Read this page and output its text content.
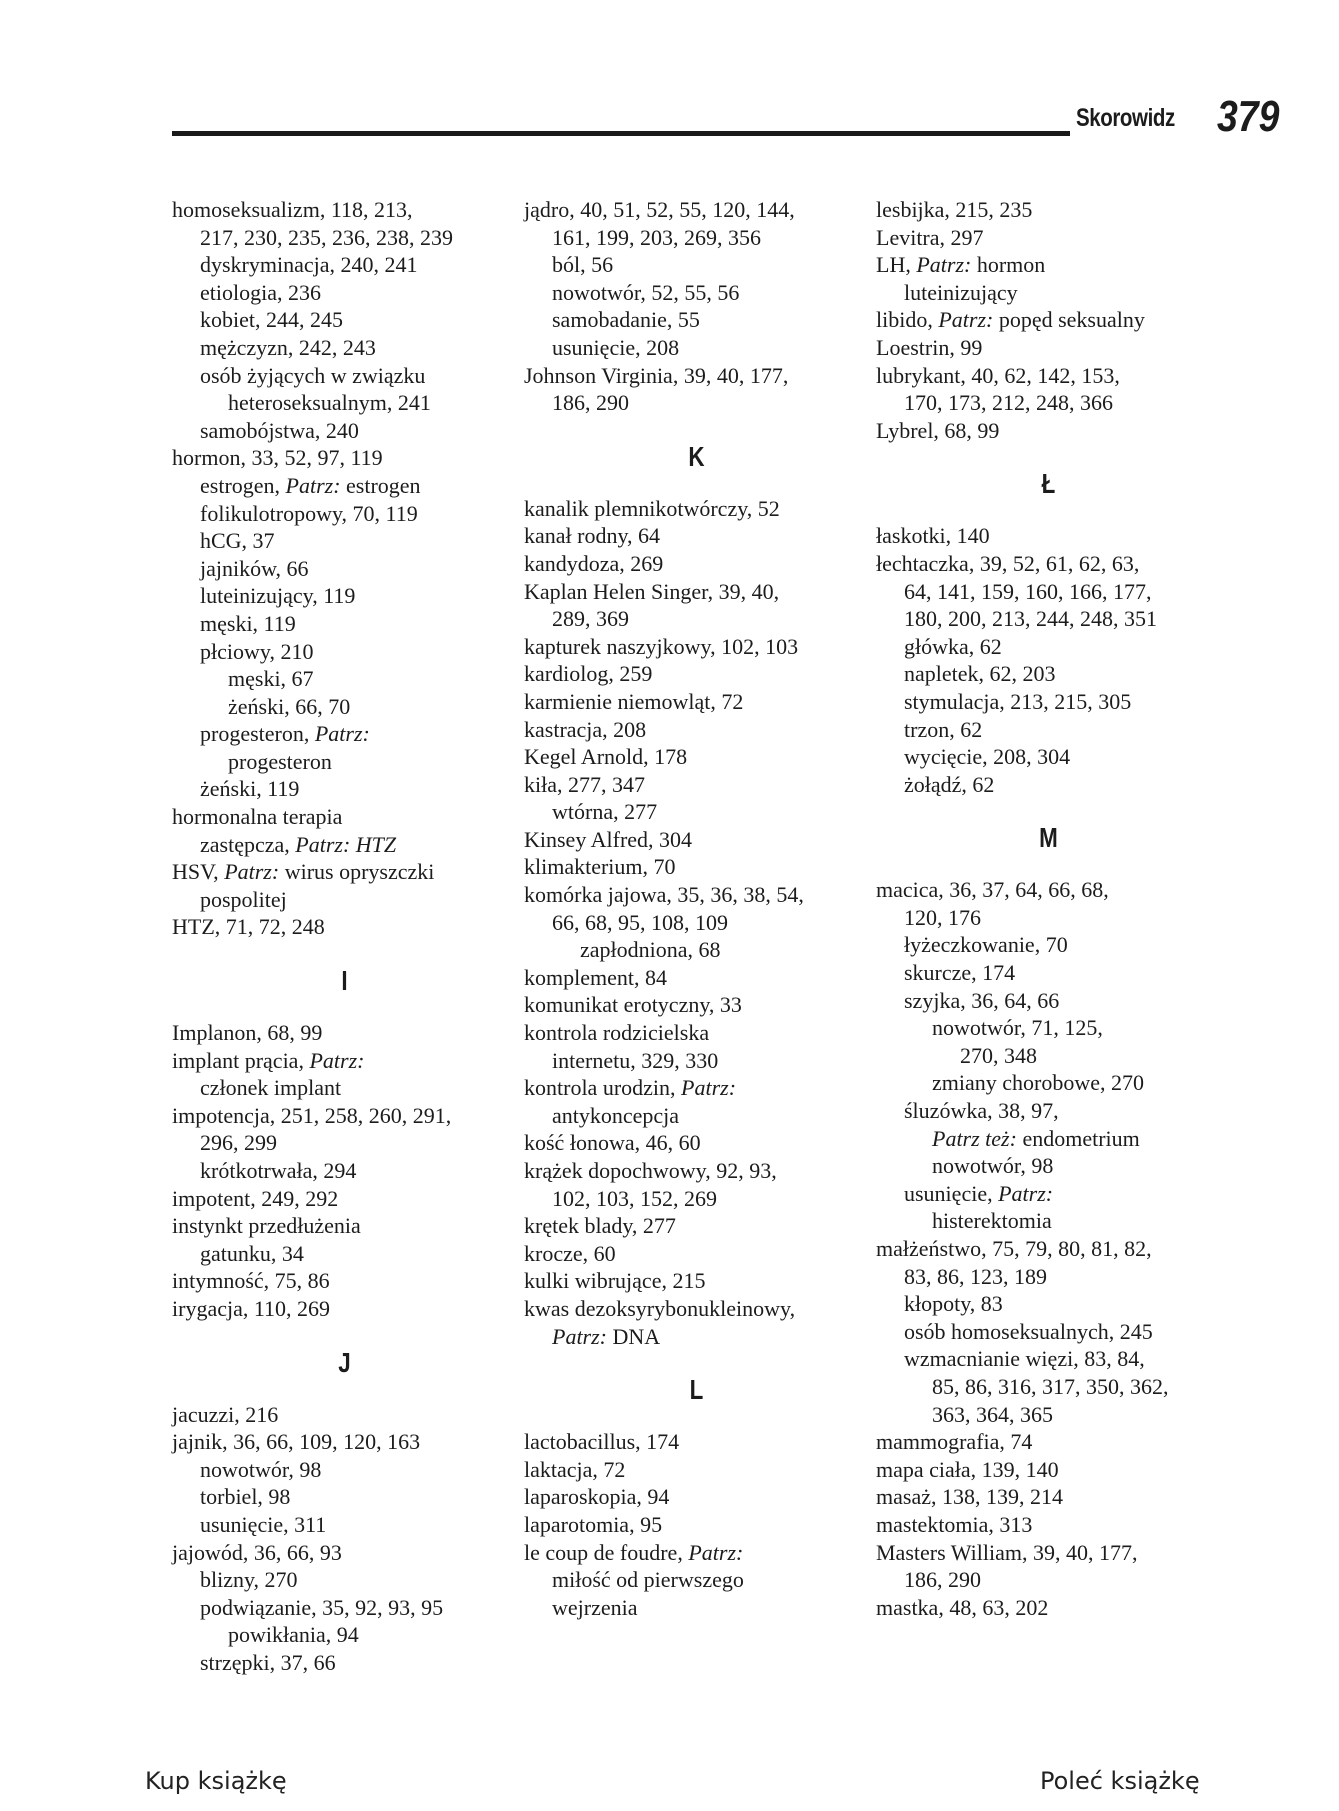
Skorowidz 379
homoseksualizm, 118, 213,
217, 230, 235, 236, 238, 239
dyskryminacja, 240, 241
etiologia, 236
kobiet, 244, 245
mężczyzn, 242, 243
osób żyjących w związku
heteroseksualnym, 241
samobójstwa, 240
hormon, 33, 52, 97, 119
estrogen, Patrz: estrogen
folikulotropowy, 70, 119
hCG, 37
jajników, 66
luteinizujący, 119
męski, 119
płciowy, 210
męski, 67
żeński, 66, 70
progesteron, Patrz:
progesteron
żeński, 119
hormonalna terapia
zastępcza, Patrz: HTZ
HSV, Patrz: wirus opryszczki
pospolitej
HTZ, 71, 72, 248
I
Implanon, 68, 99
implant prącia, Patrz:
członek implant
impotencja, 251, 258, 260, 291,
296, 299
krótkotrwała, 294
impotent, 249, 292
instynkt przedłużenia
gatunku, 34
intymność, 75, 86
irygacja, 110, 269
J
jacuzzi, 216
jajnik, 36, 66, 109, 120, 163
nowotwór, 98
torbiel, 98
usunięcie, 311
jajowód, 36, 66, 93
blizny, 270
podwiązanie, 35, 92, 93, 95
powikłania, 94
strzępki, 37, 66
jądro, 40, 51, 52, 55, 120, 144,
161, 199, 203, 269, 356
ból, 56
nowotwór, 52, 55, 56
samobadanie, 55
usunięcie, 208
Johnson Virginia, 39, 40, 177,
186, 290
K
kanalik plemnikotwórczy, 52
kanał rodny, 64
kandydoza, 269
Kaplan Helen Singer, 39, 40,
289, 369
kapturek naszyjkowy, 102, 103
kardiolog, 259
karmienie niemowląt, 72
kastracja, 208
Kegel Arnold, 178
kiła, 277, 347
wtórna, 277
Kinsey Alfred, 304
klimakterium, 70
komórka jajowa, 35, 36, 38, 54,
66, 68, 95, 108, 109
zapłodniona, 68
komplement, 84
komunikat erotyczny, 33
kontrola rodzicielska
internetu, 329, 330
kontrola urodzin, Patrz:
antykoncepcja
kość łonowa, 46, 60
krążek dopochwowy, 92, 93,
102, 103, 152, 269
krętek blady, 277
krocze, 60
kulki wibrujące, 215
kwas dezoksyrybonukleinowy,
Patrz: DNA
L
lactobacillus, 174
laktacja, 72
laparoskopia, 94
laparotomia, 95
le coup de foudre, Patrz:
miłość od pierwszego
wejrzenia
lesbijka, 215, 235
Levitra, 297
LH, Patrz: hormon
luteinizujący
libido, Patrz: popęd seksualny
Loestrin, 99
lubrykant, 40, 62, 142, 153,
170, 173, 212, 248, 366
Lybrel, 68, 99
Ł
łaskotki, 140
łechtaczka, 39, 52, 61, 62, 63,
64, 141, 159, 160, 166, 177,
180, 200, 213, 244, 248, 351
główka, 62
napletek, 62, 203
stymulacja, 213, 215, 305
trzon, 62
wycięcie, 208, 304
żołądź, 62
M
macica, 36, 37, 64, 66, 68,
120, 176
łyżeczkowanie, 70
skurcze, 174
szyjka, 36, 64, 66
nowotwór, 71, 125,
270, 348
zmiany chorobowe, 270
śluzówka, 38, 97,
Patrz też: endometrium
nowotwór, 98
usunięcie, Patrz:
histerektomia
małżeństwo, 75, 79, 80, 81, 82,
83, 86, 123, 189
kłopoty, 83
osób homoseksualnych, 245
wzmacnianie więzi, 83, 84,
85, 86, 316, 317, 350, 362,
363, 364, 365
mammografia, 74
mapa ciała, 139, 140
masaż, 138, 139, 214
mastektomia, 313
Masters William, 39, 40, 177,
186, 290
mastka, 48, 63, 202
Kup książkę	Poleć książkę
